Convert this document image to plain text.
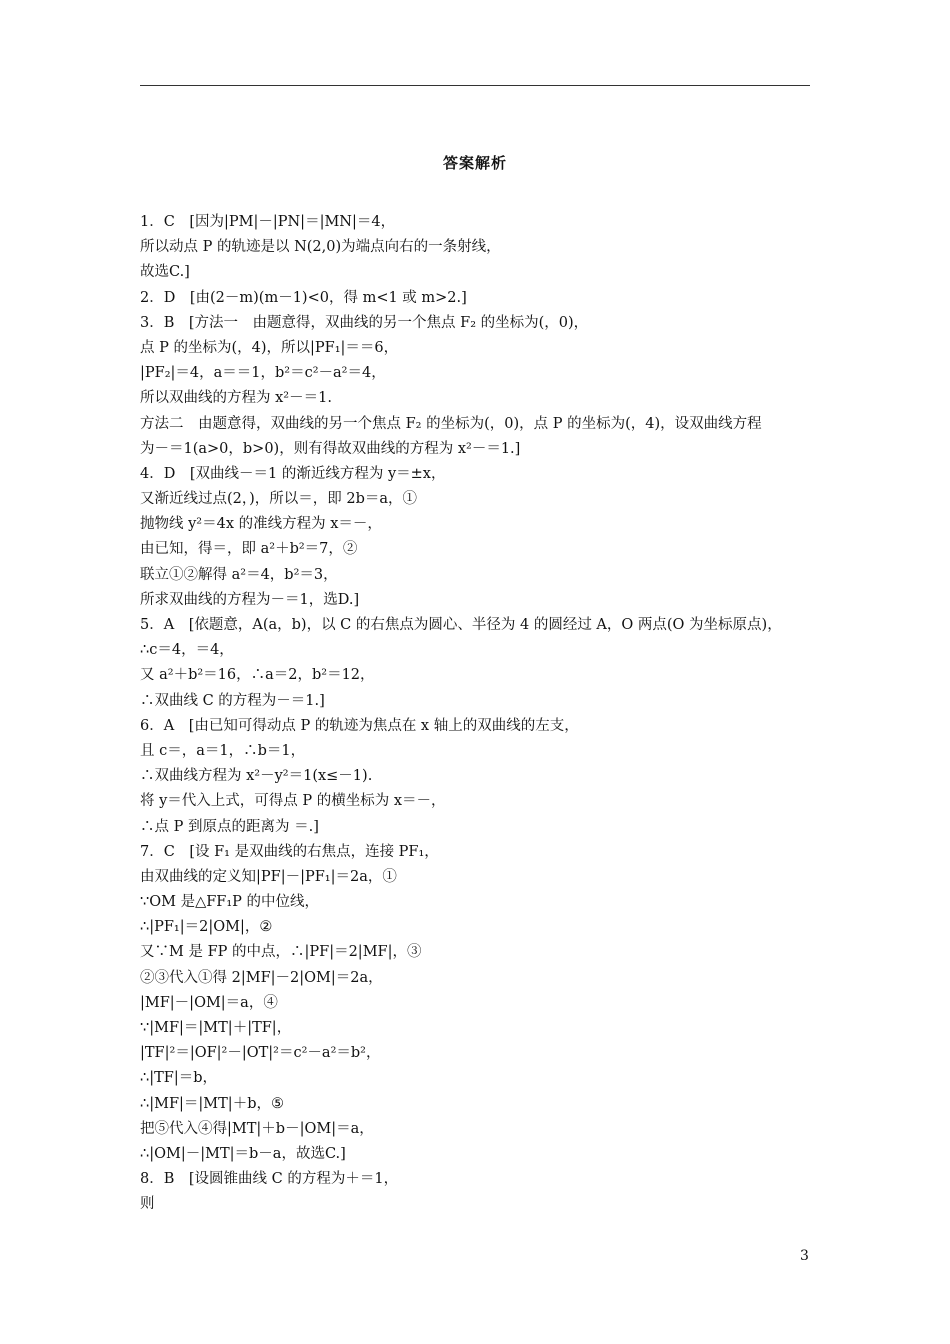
答案解析
1．C　[因为|PM|－|PN|＝|MN|＝4，
所以动点 P 的轨迹是以 N(2,0)为端点向右的一条射线，
故选C.]
2．D　[由(2－m)(m－1)<0，得 m<1 或 m>2.]
3．B　[方法一　由题意得，双曲线的另一个焦点 F₂ 的坐标为(，0)，
点 P 的坐标为(，4)，所以|PF₁|＝＝6，
|PF₂|＝4，a＝＝1，b²＝c²－a²＝4，
所以双曲线的方程为 x²－＝1.
方法二　由题意得，双曲线的另一个焦点 F₂ 的坐标为(，0)，点 P 的坐标为(，4)，设双曲线方程
为－＝1(a>0，b>0)，则有得故双曲线的方程为 x²－＝1.]
4．D　[双曲线－＝1 的渐近线方程为 y＝±x，
又渐近线过点(2，)，所以＝，即 2b＝a，①
抛物线 y²＝4x 的准线方程为 x＝－，
由已知，得＝，即 a²＋b²＝7，②
联立①②解得 a²＝4，b²＝3，
所求双曲线的方程为－＝1，选D.]
5．A　[依题意，A(a，b)，以 C 的右焦点为圆心、半径为 4 的圆经过 A，O 两点(O 为坐标原点)，
∴c＝4，＝4，
又 a²＋b²＝16，∴a＝2，b²＝12，
∴双曲线 C 的方程为－＝1.]
6．A　[由已知可得动点 P 的轨迹为焦点在 x 轴上的双曲线的左支，
且 c＝，a＝1，∴b＝1，
∴双曲线方程为 x²－y²＝1(x≤－1).
将 y＝代入上式，可得点 P 的横坐标为 x＝－，
∴点 P 到原点的距离为 ＝.]
7．C　[设 F₁ 是双曲线的右焦点，连接 PF₁，
由双曲线的定义知|PF|－|PF₁|＝2a，①
∵OM 是△FF₁P 的中位线，
∴|PF₁|＝2|OM|，②
又∵M 是 FP 的中点，∴|PF|＝2|MF|，③
②③代入①得 2|MF|－2|OM|＝2a，
|MF|－|OM|＝a，④
∵|MF|＝|MT|＋|TF|，
|TF|²＝|OF|²－|OT|²＝c²－a²＝b²，
∴|TF|＝b，
∴|MF|＝|MT|＋b，⑤
把⑤代入④得|MT|＋b－|OM|＝a，
∴|OM|－|MT|＝b－a，故选C.]
8．B　[设圆锥曲线 C 的方程为＋＝1，
则
3
